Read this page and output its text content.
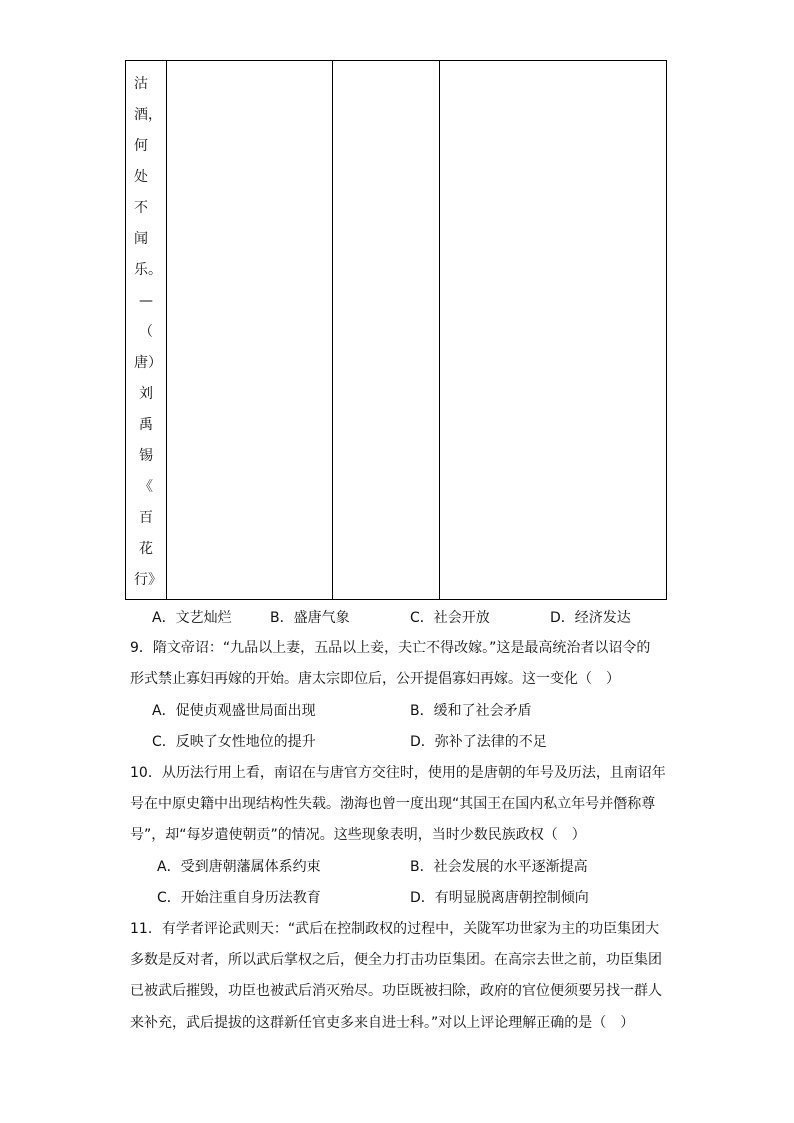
沽
酒，
何
处
不
闻
乐。
—
（
唐）
刘
禹
锡
《
百
花
行》
A．文艺灿烂	B．盛唐气象	C．社会开放	D．经济发达
9．隋文帝诏：“九品以上妻，五品以上妾，夫亡不得改嫁。”这是最高统治者以诏令的
形式禁止寡妇再嫁的开始。唐太宗即位后，公开提倡寡妇再嫁。这一变化（　）
A．促使贞观盛世局面出现	B．缓和了社会矛盾
C．反映了女性地位的提升	D．弥补了法律的不足
10．从历法行用上看，南诏在与唐官方交往时，使用的是唐朝的年号及历法，且南诏年
号在中原史籍中出现结构性失载。渤海也曾一度出现“其国王在国内私立年号并僭称尊
号”，却“每岁遣使朝贡”的情况。这些现象表明，当时少数民族政权（　）
A．受到唐朝藩属体系约束	B．社会发展的水平逐渐提高
C．开始注重自身历法教育	D．有明显脱离唐朝控制倾向
11．有学者评论武则天：“武后在控制政权的过程中，关陇军功世家为主的功臣集团大
多数是反对者，所以武后掌权之后，便全力打击功臣集团。在高宗去世之前，功臣集团
已被武后摧毁，功臣也被武后消灭殆尽。功臣既被扫除，政府的官位便须要另找一群人
来补充，武后提拔的这群新任官吏多来自进士科。”对以上评论理解正确的是（　）
